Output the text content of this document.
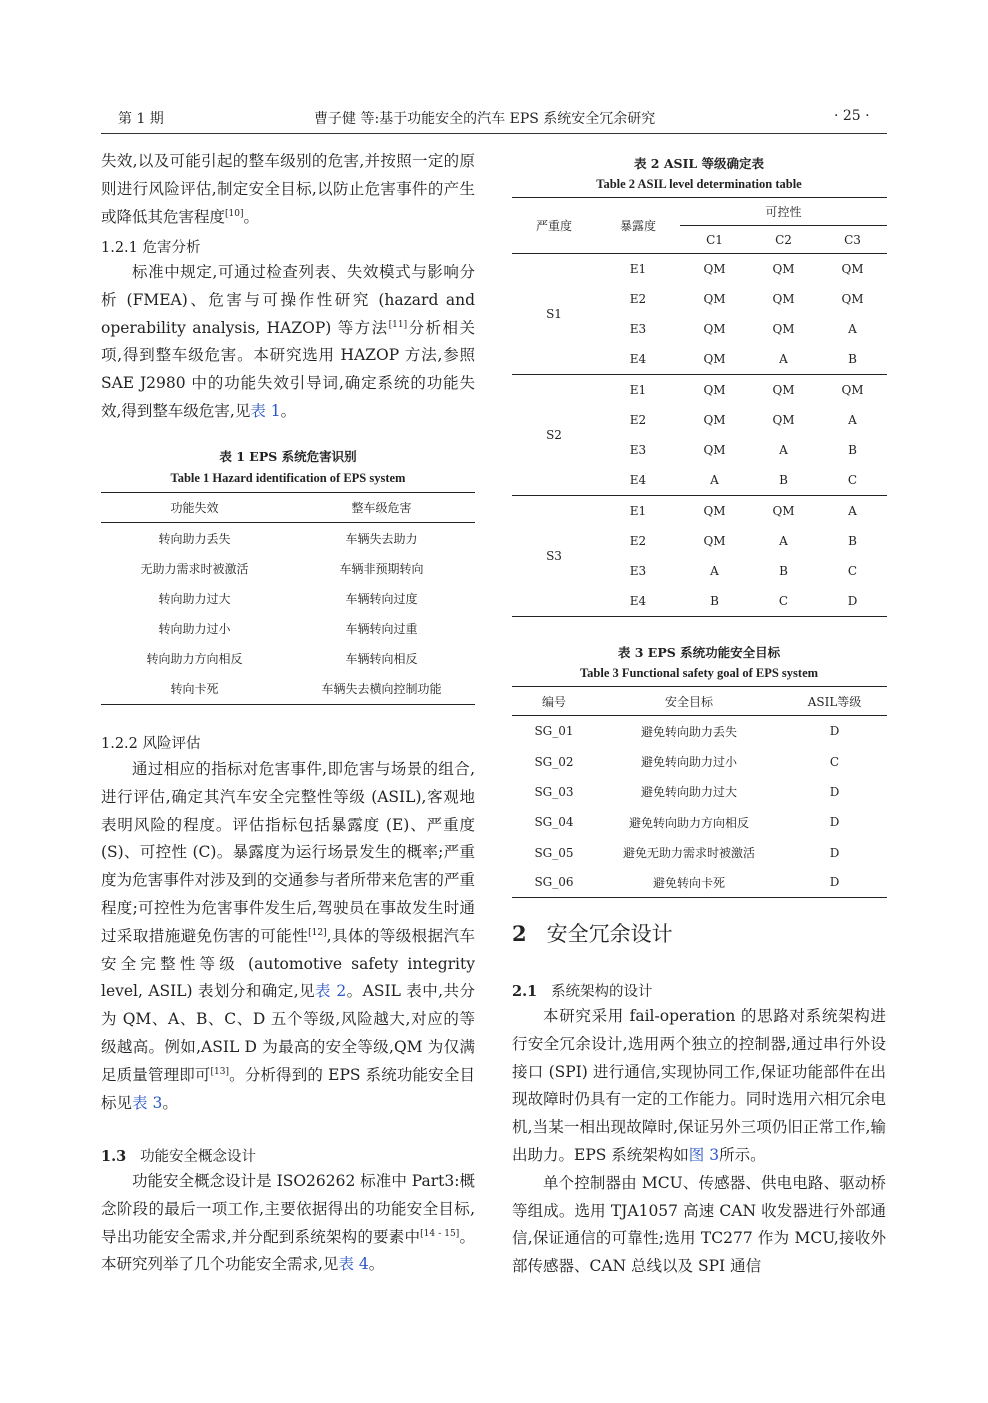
第 1 期	曹子健 等:基于功能安全的汽车 EPS 系统安全冗余研究	· 25 ·

失效,以及可能引起的整车级别的危害,并按照一定的原则进行风险评估,制定安全目标,以防止危害事件的产生或降低其危害程度[10]。

1.2.1 危害分析

标准中规定,可通过检查列表、失效模式与影响分析 (FMEA)、危害与可操作性研究 (hazard and operability analysis, HAZOP) 等方法[11]分析相关项,得到整车级危害。本研究选用 HAZOP 方法,参照 SAE J2980 中的功能失效引导词,确定系统的功能失效,得到整车级危害,见表 1。

表 1 EPS 系统危害识别
Table 1 Hazard identification of EPS system
功能失效	整车级危害
转向助力丢失	车辆失去助力
无助力需求时被激活	车辆非预期转向
转向助力过大	车辆转向过度
转向助力过小	车辆转向过重
转向助力方向相反	车辆转向相反
转向卡死	车辆失去横向控制功能
1.2.2 风险评估

通过相应的指标对危害事件,即危害与场景的组合,进行评估,确定其汽车安全完整性等级 (ASIL),客观地表明风险的程度。评估指标包括暴露度 (E)、严重度 (S)、可控性 (C)。暴露度为运行场景发生的概率;严重度为危害事件对涉及到的交通参与者所带来危害的严重程度;可控性为危害事件发生后,驾驶员在事故发生时通过采取措施避免伤害的可能性[12],具体的等级根据汽车安全完整性等级 (automotive safety integrity level, ASIL) 表划分和确定,见表 2。ASIL 表中,共分为 QM、A、B、C、D 五个等级,风险越大,对应的等级越高。例如,ASIL D 为最高的安全等级,QM 为仅满足质量管理即可[13]。分析得到的 EPS 系统功能安全目标见表 3。

1.3 功能安全概念设计

功能安全概念设计是 ISO26262 标准中 Part3:概念阶段的最后一项工作,主要依据得出的功能安全目标,导出功能安全需求,并分配到系统架构的要素中[14 - 15]。本研究列举了几个功能安全需求,见表 4。

表 2 ASIL 等级确定表
Table 2 ASIL level determination table
严重度	暴露度	可控性		
		C1	C2	C3
S1	E1	QM	QM	QM
	E2	QM	QM	QM
	E3	QM	QM	A
	E4	QM	A	B
S2	E1	QM	QM	QM
	E2	QM	QM	A
	E3	QM	A	B
	E4	A	B	C
S3	E1	QM	QM	A
	E2	QM	A	B
	E3	A	B	C
	E4	B	C	D
表 3 EPS 系统功能安全目标
Table 3 Functional safety goal of EPS system
编号	安全目标	ASIL等级
SG_01	避免转向助力丢失	D
SG_02	避免转向助力过小	C
SG_03	避免转向助力过大	D
SG_04	避免转向助力方向相反	D
SG_05	避免无助力需求时被激活	D
SG_06	避免转向卡死	D
2 安全冗余设计
2.1 系统架构的设计

本研究采用 fail-operation 的思路对系统架构进行安全冗余设计,选用两个独立的控制器,通过串行外设接口 (SPI) 进行通信,实现协同工作,保证功能部件在出现故障时仍具有一定的工作能力。同时选用六相冗余电机,当某一相出现故障时,保证另外三项仍旧正常工作,输出助力。EPS 系统架构如图 3所示。

单个控制器由 MCU、传感器、供电电路、驱动桥等组成。选用 TJA1057 高速 CAN 收发器进行外部通信,保证通信的可靠性;选用 TC277 作为 MCU,接收外部传感器、CAN 总线以及 SPI 通信
